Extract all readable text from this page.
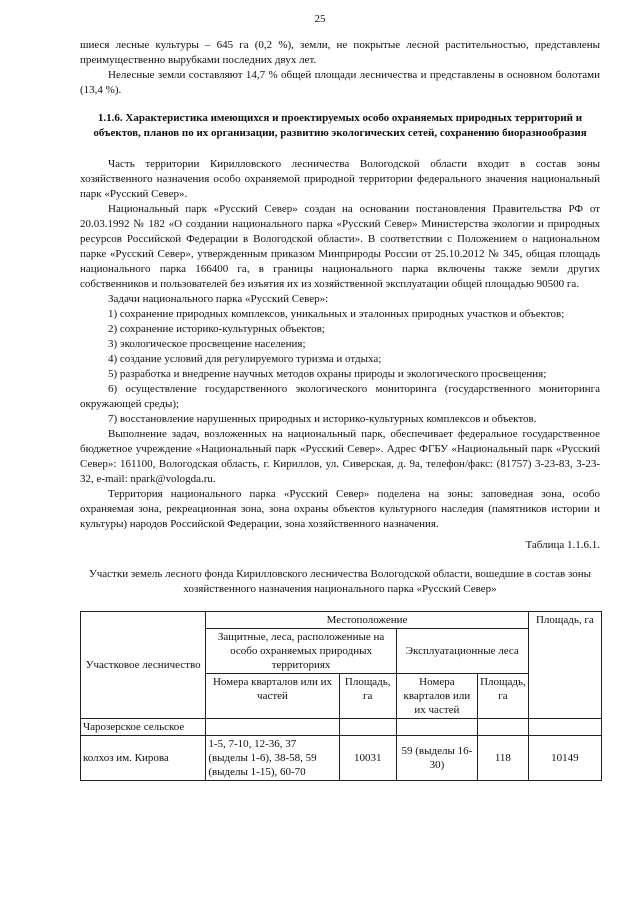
25

шиеся лесные культуры – 645 га (0,2 %), земли, не покрытые лесной растительностью, представлены преимущественно вырубками последних двух лет.

Нелесные земли составляют 14,7 % общей площади лесничества и представлены в основном болотами (13,4 %).

1.1.6. Характеристика имеющихся и проектируемых особо охраняемых природных территорий и объектов, планов по их организации, развитию экологических сетей, сохранению биоразнообразия

Часть территории Кирилловского лесничества Вологодской области входит в состав зоны хозяйственного назначения особо охраняемой природной территории федерального значения национальный парк «Русский Север».

Национальный парк «Русский Север» создан на основании постановления Правительства РФ от 20.03.1992 № 182 «О создании национального парка «Русский Север» Министерства экологии и природных ресурсов Российской Федерации в Вологодской области». В соответствии с Положением о национальном парке «Русский Север», утвержденным приказом Минприроды России от 25.10.2012 № 345, общая площадь национального парка 166400 га, в границы национального парка включены также земли других собственников и пользователей без изъятия их из хозяйственной эксплуатации общей площадью 90500 га.

Задачи национального парка «Русский Север»:

1) сохранение природных комплексов, уникальных и эталонных природных участков и объектов;

2) сохранение историко-культурных объектов;

3) экологическое просвещение населения;

4) создание условий для регулируемого туризма и отдыха;

5) разработка и внедрение научных методов охраны природы и экологического просвещения;

6) осуществление государственного экологического мониторинга (государственного мониторинга окружающей среды);

7) восстановление нарушенных природных и историко-культурных комплексов и объектов.

Выполнение задач, возложенных на национальный парк, обеспечивает федеральное государственное бюджетное учреждение «Национальный парк «Русский Север». Адрес ФГБУ «Национальный парк «Русский Север»: 161100, Вологодская область, г. Кириллов, ул. Сиверская, д. 9а, телефон/факс: (81757) 3-23-83, 3-23-32, e-mail: npark@vologda.ru.

Территория национального парка «Русский Север» поделена на зоны: заповедная зона, особо охраняемая зона, рекреационная зона, зона охраны объектов культурного наследия (памятников истории и культуры) народов Российской Федерации, зона хозяйственного назначения.

Таблица 1.1.6.1.

Участки земель лесного фонда Кирилловского лесничества Вологодской области, вошедшие в состав зоны хозяйственного назначения национального парка «Русский Север»

Участковое лесничество	Местоположение				Площадь, га
	Защитные, леса, расположенные на особо охраняемых природных территориях		Эксплуатационные леса		
	Номера кварталов или их частей	Площадь, га	Номера кварталов или их частей	Площадь, га	
Чарозерское сельское					
колхоз им. Кирова	1-5, 7-10, 12-36, 37 (выделы 1-6), 38-58, 59 (выделы 1-15), 60-70	10031	59 (выделы 16-30)	118	10149
